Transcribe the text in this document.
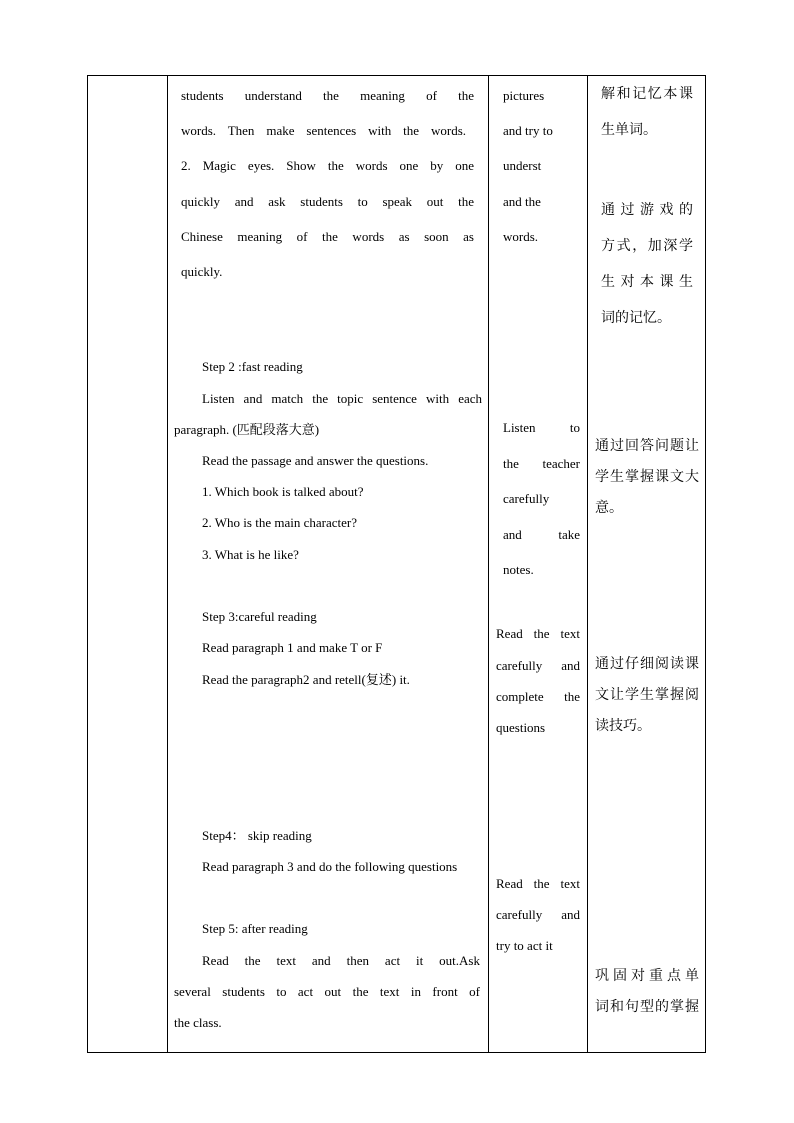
students understand the meaning of the
words. Then make sentences with the words.
2. Magic eyes. Show the words one by one
quickly and ask students to speak out the
Chinese meaning of the words as soon as
quickly.
Step 2 :fast reading
Listen and match the topic sentence with each
paragraph. (匹配段落大意)
Read the passage and answer the questions.
1. Which book is talked about?
2. Who is the main character?
3. What is he like?
Step 3:careful reading
Read paragraph 1 and make T or F
Read the paragraph2 and retell(复述) it.
Step4： skip reading
Read paragraph 3 and do the following questions
Step 5: after reading
Read the text and then act it out.Ask
several students to act out the text in front of
the class.
pictures
and try to
underst
and the
words.
Listen to
the teacher
carefully
and take
notes.
Read the text
carefully and
complete the
questions
Read the text
carefully and
try to act it
解和记忆本课
生单词。
通过游戏的
方式，加深学
生对本课生
词的记忆。
通过回答问题让
学生掌握课文大
意。
通过仔细阅读课
文让学生掌握阅
读技巧。
巩固对重点单
词和句型的掌握
